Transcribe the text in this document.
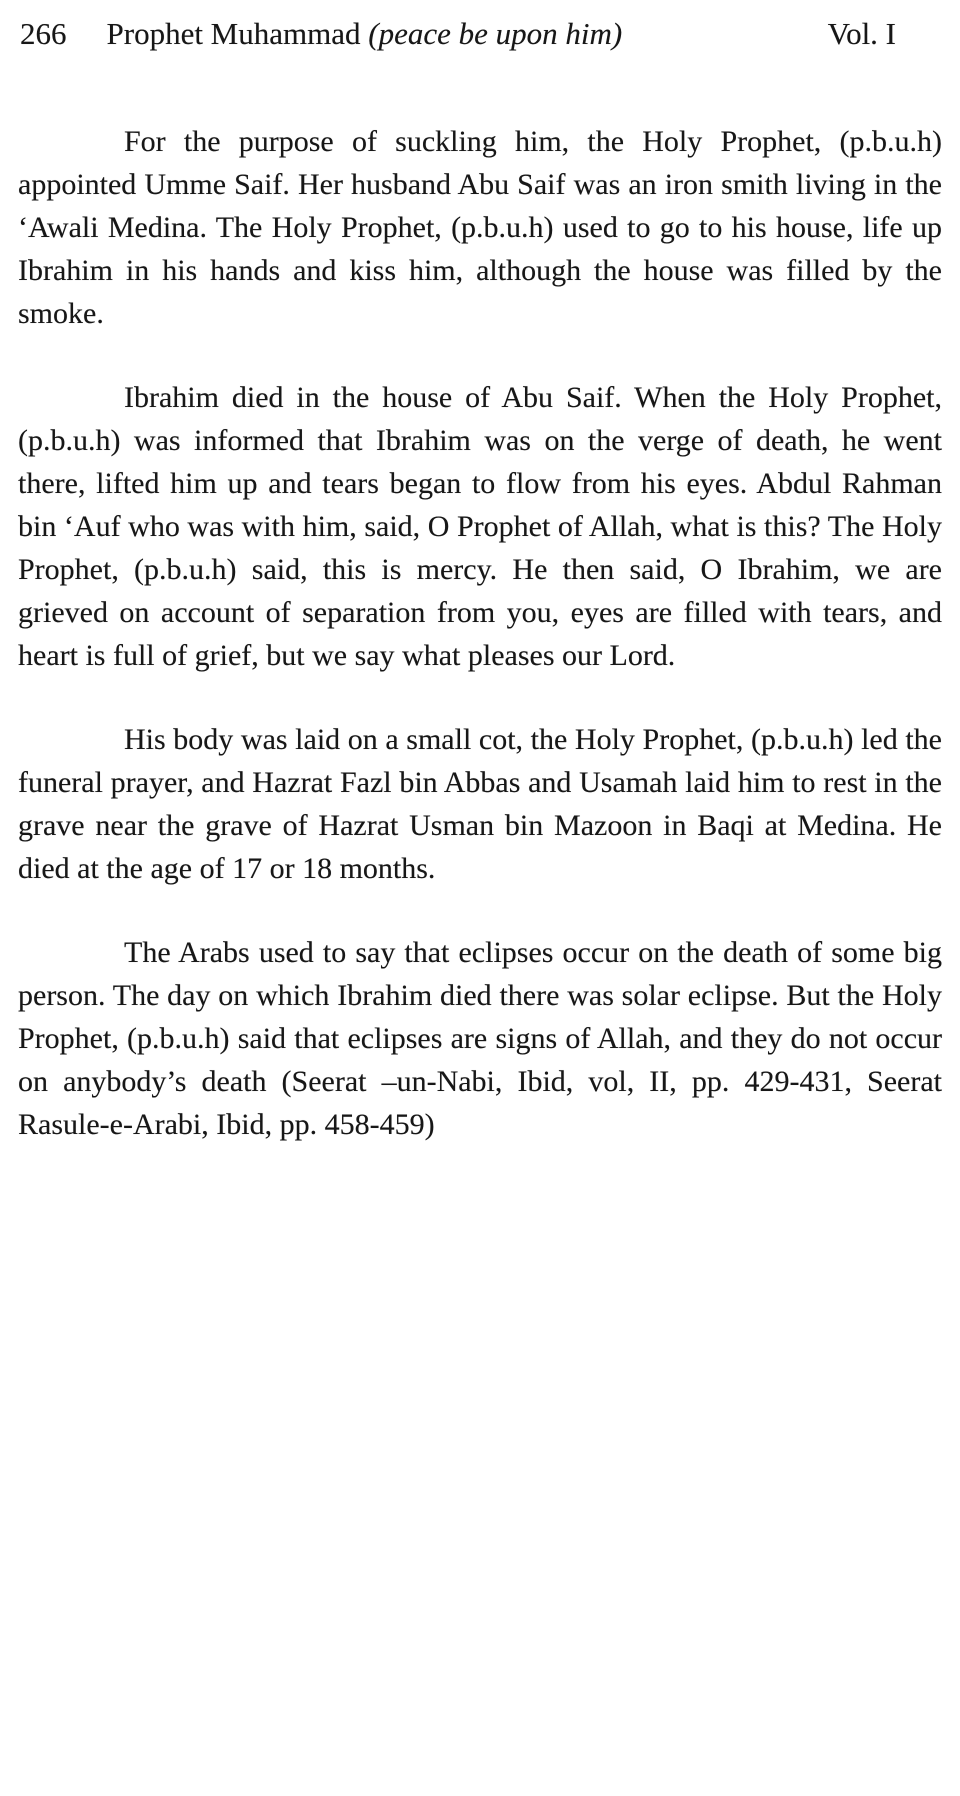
266 Prophet Muhammad (peace be upon him)	Vol. I

For the purpose of suckling him, the Holy Prophet, (p.b.u.h) appointed Umme Saif. Her husband Abu Saif was an iron smith living in the ‘Awali Medina. The Holy Prophet, (p.b.u.h) used to go to his house, life up Ibrahim in his hands and kiss him, although the house was filled by the smoke.

Ibrahim died in the house of Abu Saif. When the Holy Prophet, (p.b.u.h) was informed that Ibrahim was on the verge of death, he went there, lifted him up and tears began to flow from his eyes. Abdul Rahman bin ‘Auf who was with him, said, O Prophet of Allah, what is this? The Holy Prophet, (p.b.u.h) said, this is mercy. He then said, O Ibrahim, we are grieved on account of separation from you, eyes are filled with tears, and heart is full of grief, but we say what pleases our Lord.

His body was laid on a small cot, the Holy Prophet, (p.b.u.h) led the funeral prayer, and Hazrat Fazl bin Abbas and Usamah laid him to rest in the grave near the grave of Hazrat Usman bin Mazoon in Baqi at Medina. He died at the age of 17 or 18 months.

The Arabs used to say that eclipses occur on the death of some big person. The day on which Ibrahim died there was solar eclipse. But the Holy Prophet, (p.b.u.h) said that eclipses are signs of Allah, and they do not occur on anybody’s death (Seerat –un-Nabi, Ibid, vol, II, pp. 429-431, Seerat Rasule-e-Arabi, Ibid, pp. 458-459)
